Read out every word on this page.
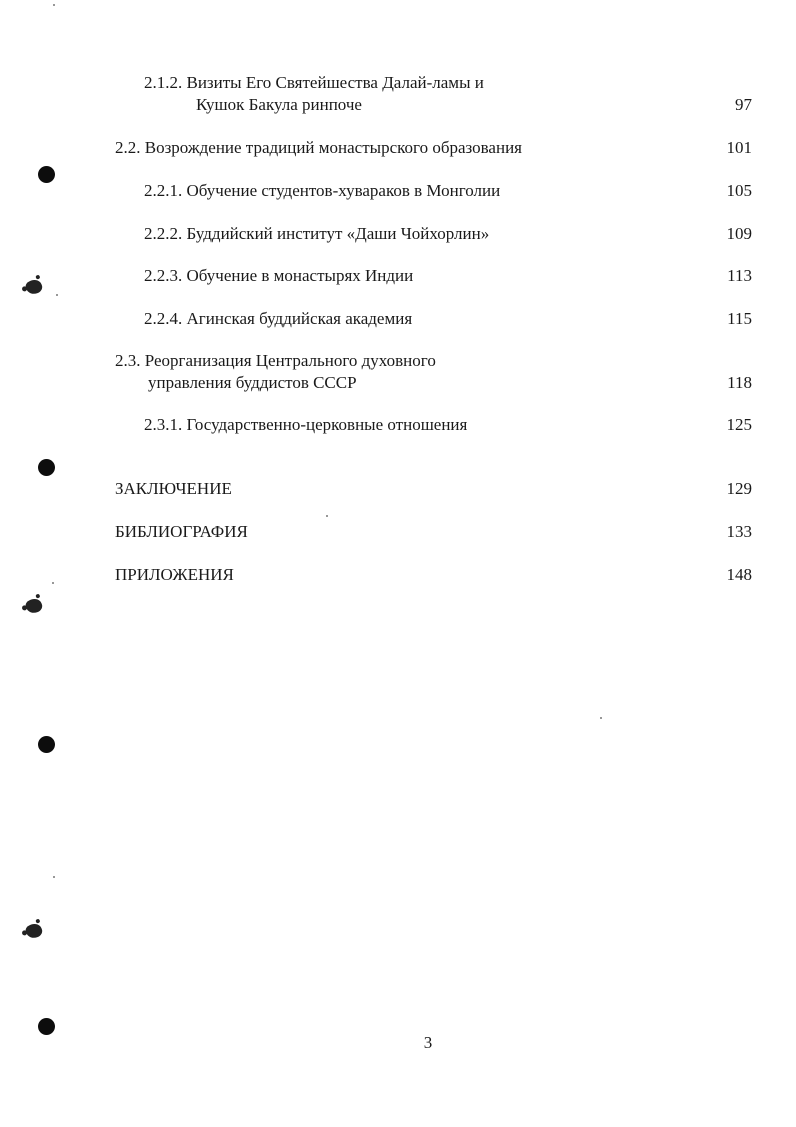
2.1.2. Визиты Его Святейшества Далай-ламы и
Кушок Бакула ринпоче	97
2.2. Возрождение традиций монастырского образования	101
2.2.1. Обучение студентов-хувараков в Монголии	105
2.2.2. Буддийский институт «Даши Чойхорлин»	109
2.2.3. Обучение в монастырях Индии	113
2.2.4. Агинская буддийская академия	115
2.3. Реорганизация Центрального духовного
управления буддистов СССР	118
2.3.1. Государственно-церковные отношения	125
ЗАКЛЮЧЕНИЕ	129
БИБЛИОГРАФИЯ	133
ПРИЛОЖЕНИЯ	148
3
